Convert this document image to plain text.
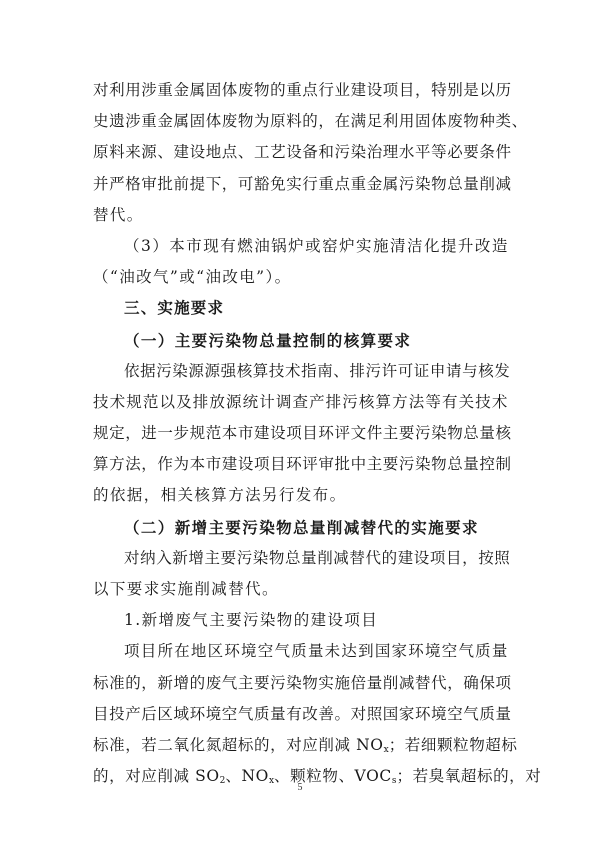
对利用涉重金属固体废物的重点行业建设项目，特别是以历
史遗涉重金属固体废物为原料的，在满足利用固体废物种类、
原料来源、建设地点、工艺设备和污染治理水平等必要条件
并严格审批前提下，可豁免实行重点重金属污染物总量削减
替代。
（3）本市现有燃油锅炉或窑炉实施清洁化提升改造
（“油改气”或“油改电”）。
三、实施要求
（一）主要污染物总量控制的核算要求
依据污染源源强核算技术指南、排污许可证申请与核发
技术规范以及排放源统计调查产排污核算方法等有关技术
规定，进一步规范本市建设项目环评文件主要污染物总量核
算方法，作为本市建设项目环评审批中主要污染物总量控制
的依据，相关核算方法另行发布。
（二）新增主要污染物总量削减替代的实施要求
对纳入新增主要污染物总量削减替代的建设项目，按照
以下要求实施削减替代。
1.新增废气主要污染物的建设项目
项目所在地区环境空气质量未达到国家环境空气质量
标准的，新增的废气主要污染物实施倍量削减替代，确保项
目投产后区域环境空气质量有改善。对照国家环境空气质量
标准，若二氧化氮超标的，对应削减 $NO_x$；若细颗粒物超标
的，对应削减 $SO_2$、$NO_x$、颗粒物、$VOC_s$；若臭氧超标的，对
5
